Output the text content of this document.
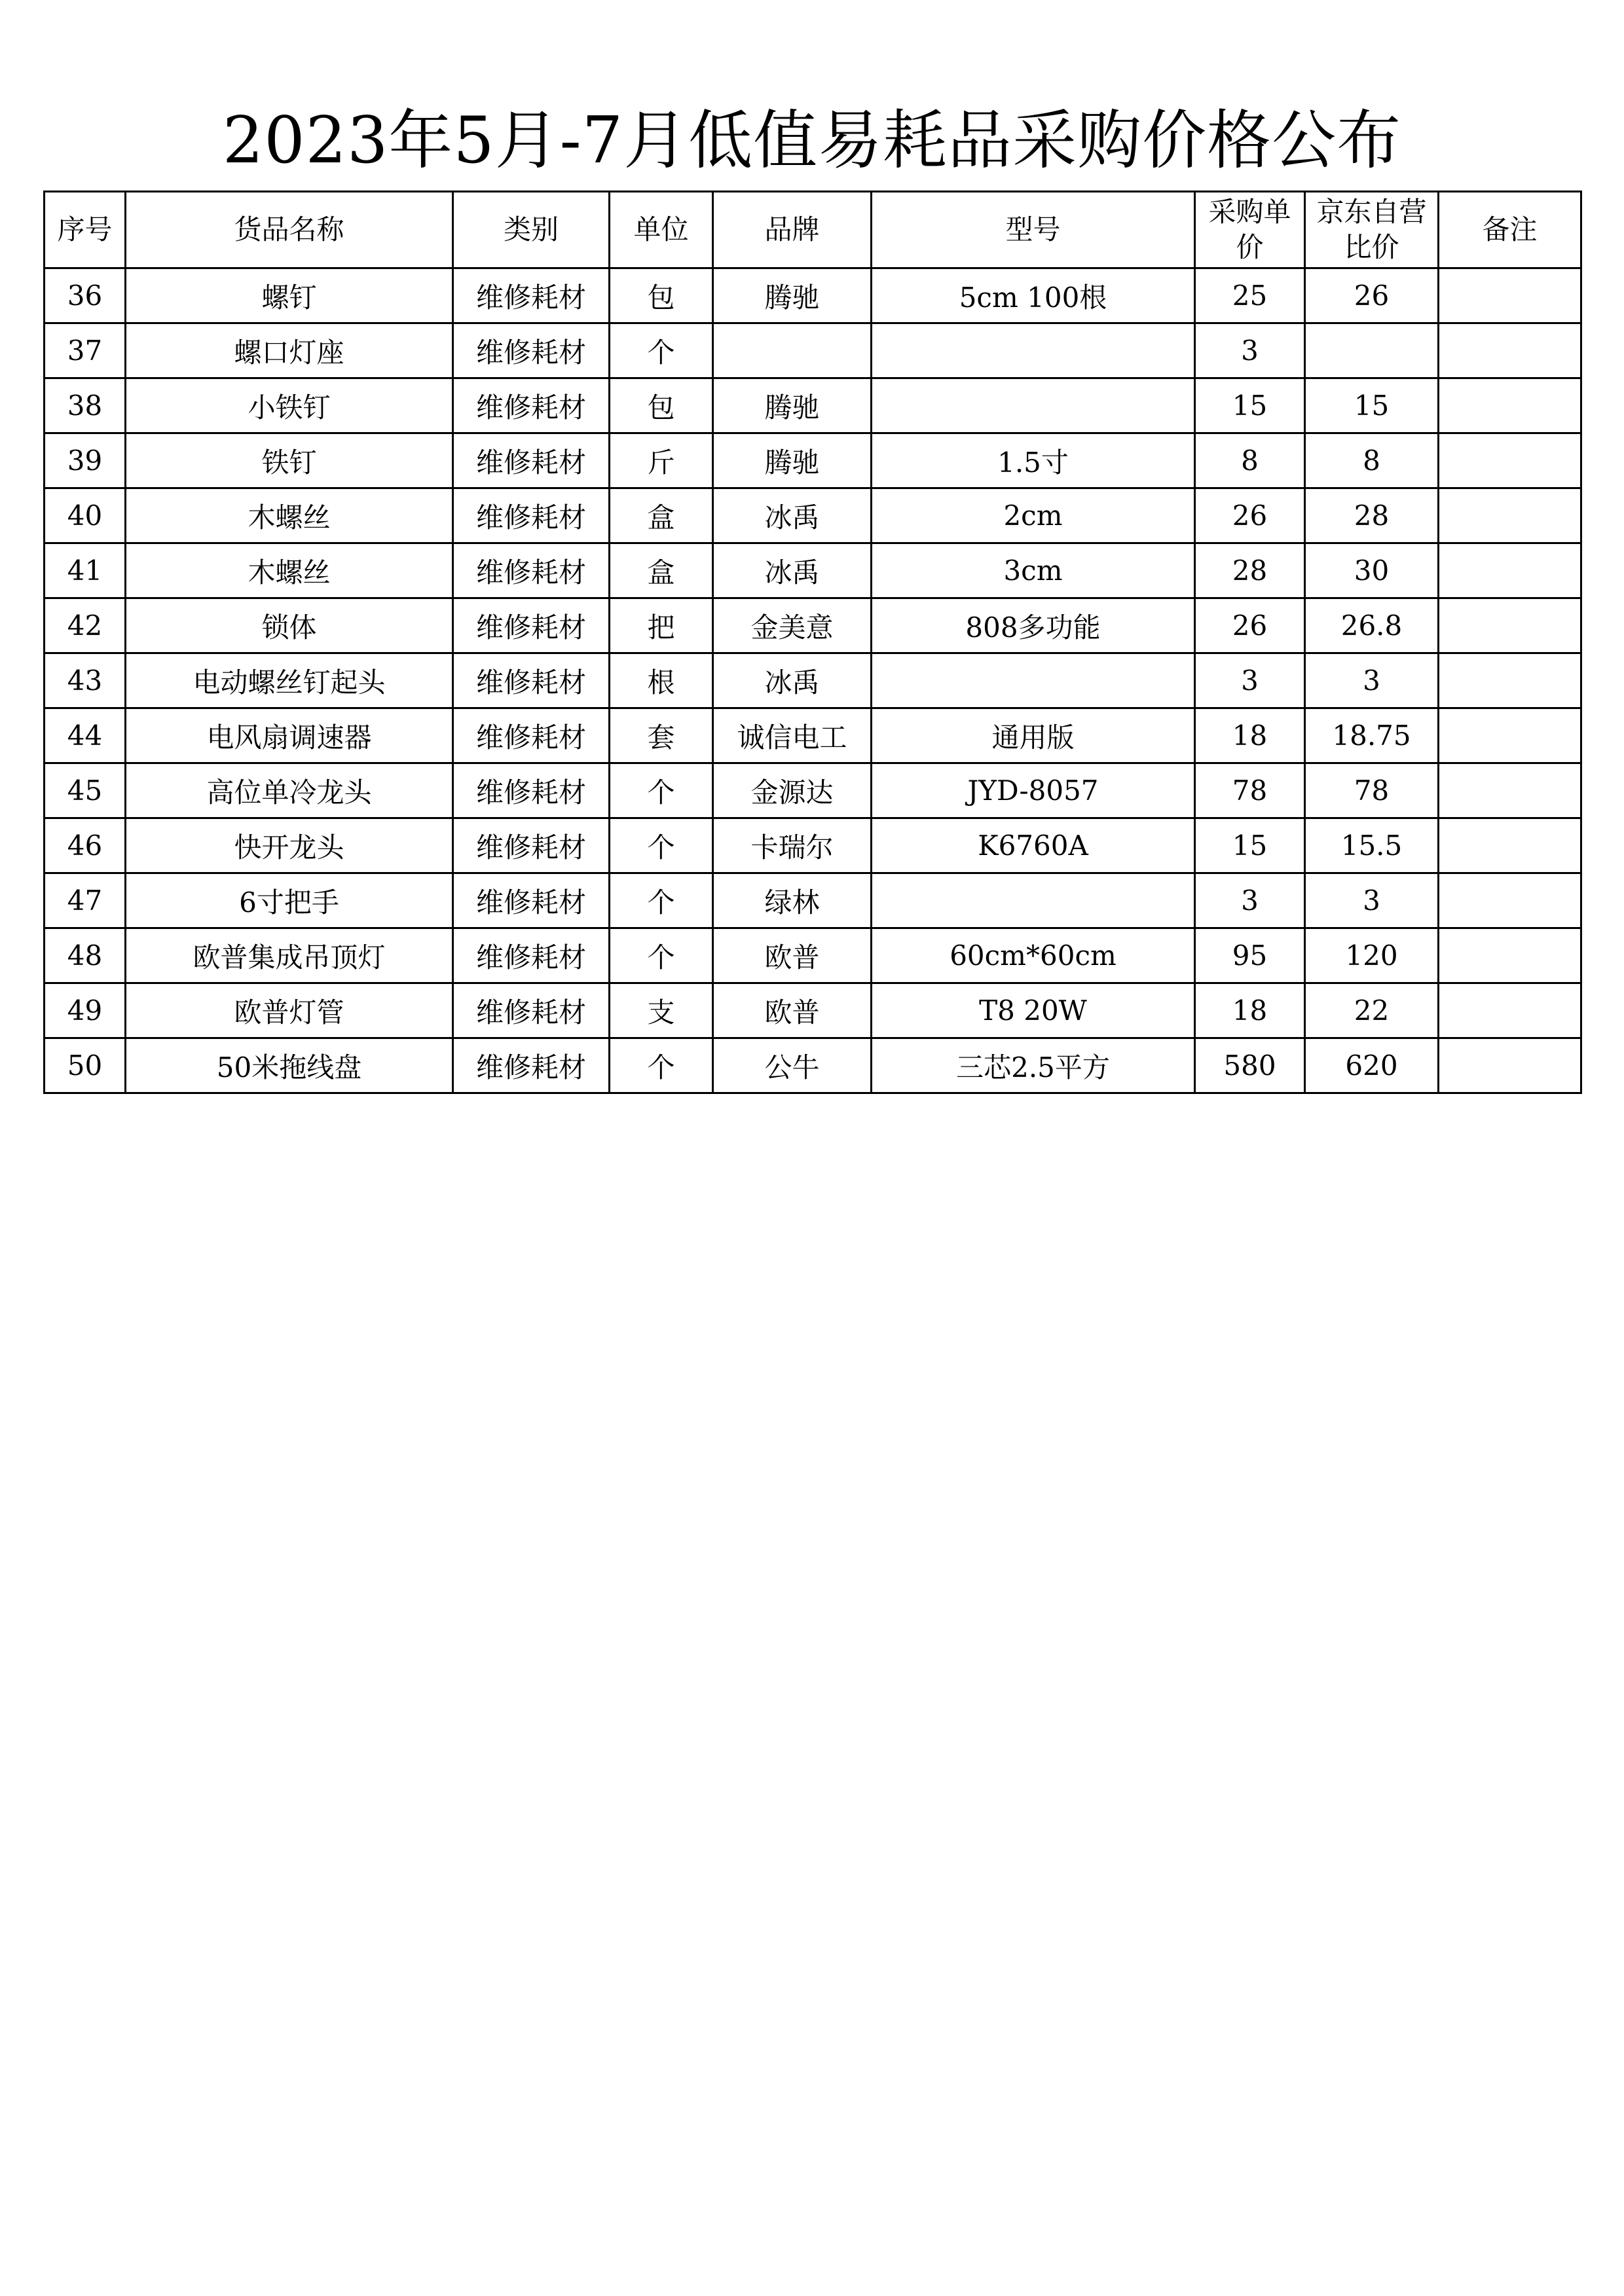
2023年5月-7月低值易耗品采购价格公布
序号	货品名称	类别	单位	品牌	型号	采购单价	京东自营比价	备注
36	螺钉	维修耗材	包	腾驰	5cm 100根	25	26	
37	螺口灯座	维修耗材	个			3		
38	小铁钉	维修耗材	包	腾驰		15	15	
39	铁钉	维修耗材	斤	腾驰	1.5寸	8	8	
40	木螺丝	维修耗材	盒	冰禹	2cm	26	28	
41	木螺丝	维修耗材	盒	冰禹	3cm	28	30	
42	锁体	维修耗材	把	金美意	808多功能	26	26.8	
43	电动螺丝钉起头	维修耗材	根	冰禹		3	3	
44	电风扇调速器	维修耗材	套	诚信电工	通用版	18	18.75	
45	高位单冷龙头	维修耗材	个	金源达	JYD-8057	78	78	
46	快开龙头	维修耗材	个	卡瑞尔	K6760A	15	15.5	
47	6寸把手	维修耗材	个	绿林		3	3	
48	欧普集成吊顶灯	维修耗材	个	欧普	60cm*60cm	95	120	
49	欧普灯管	维修耗材	支	欧普	T8 20W	18	22	
50	50米拖线盘	维修耗材	个	公牛	三芯2.5平方	580	620	
